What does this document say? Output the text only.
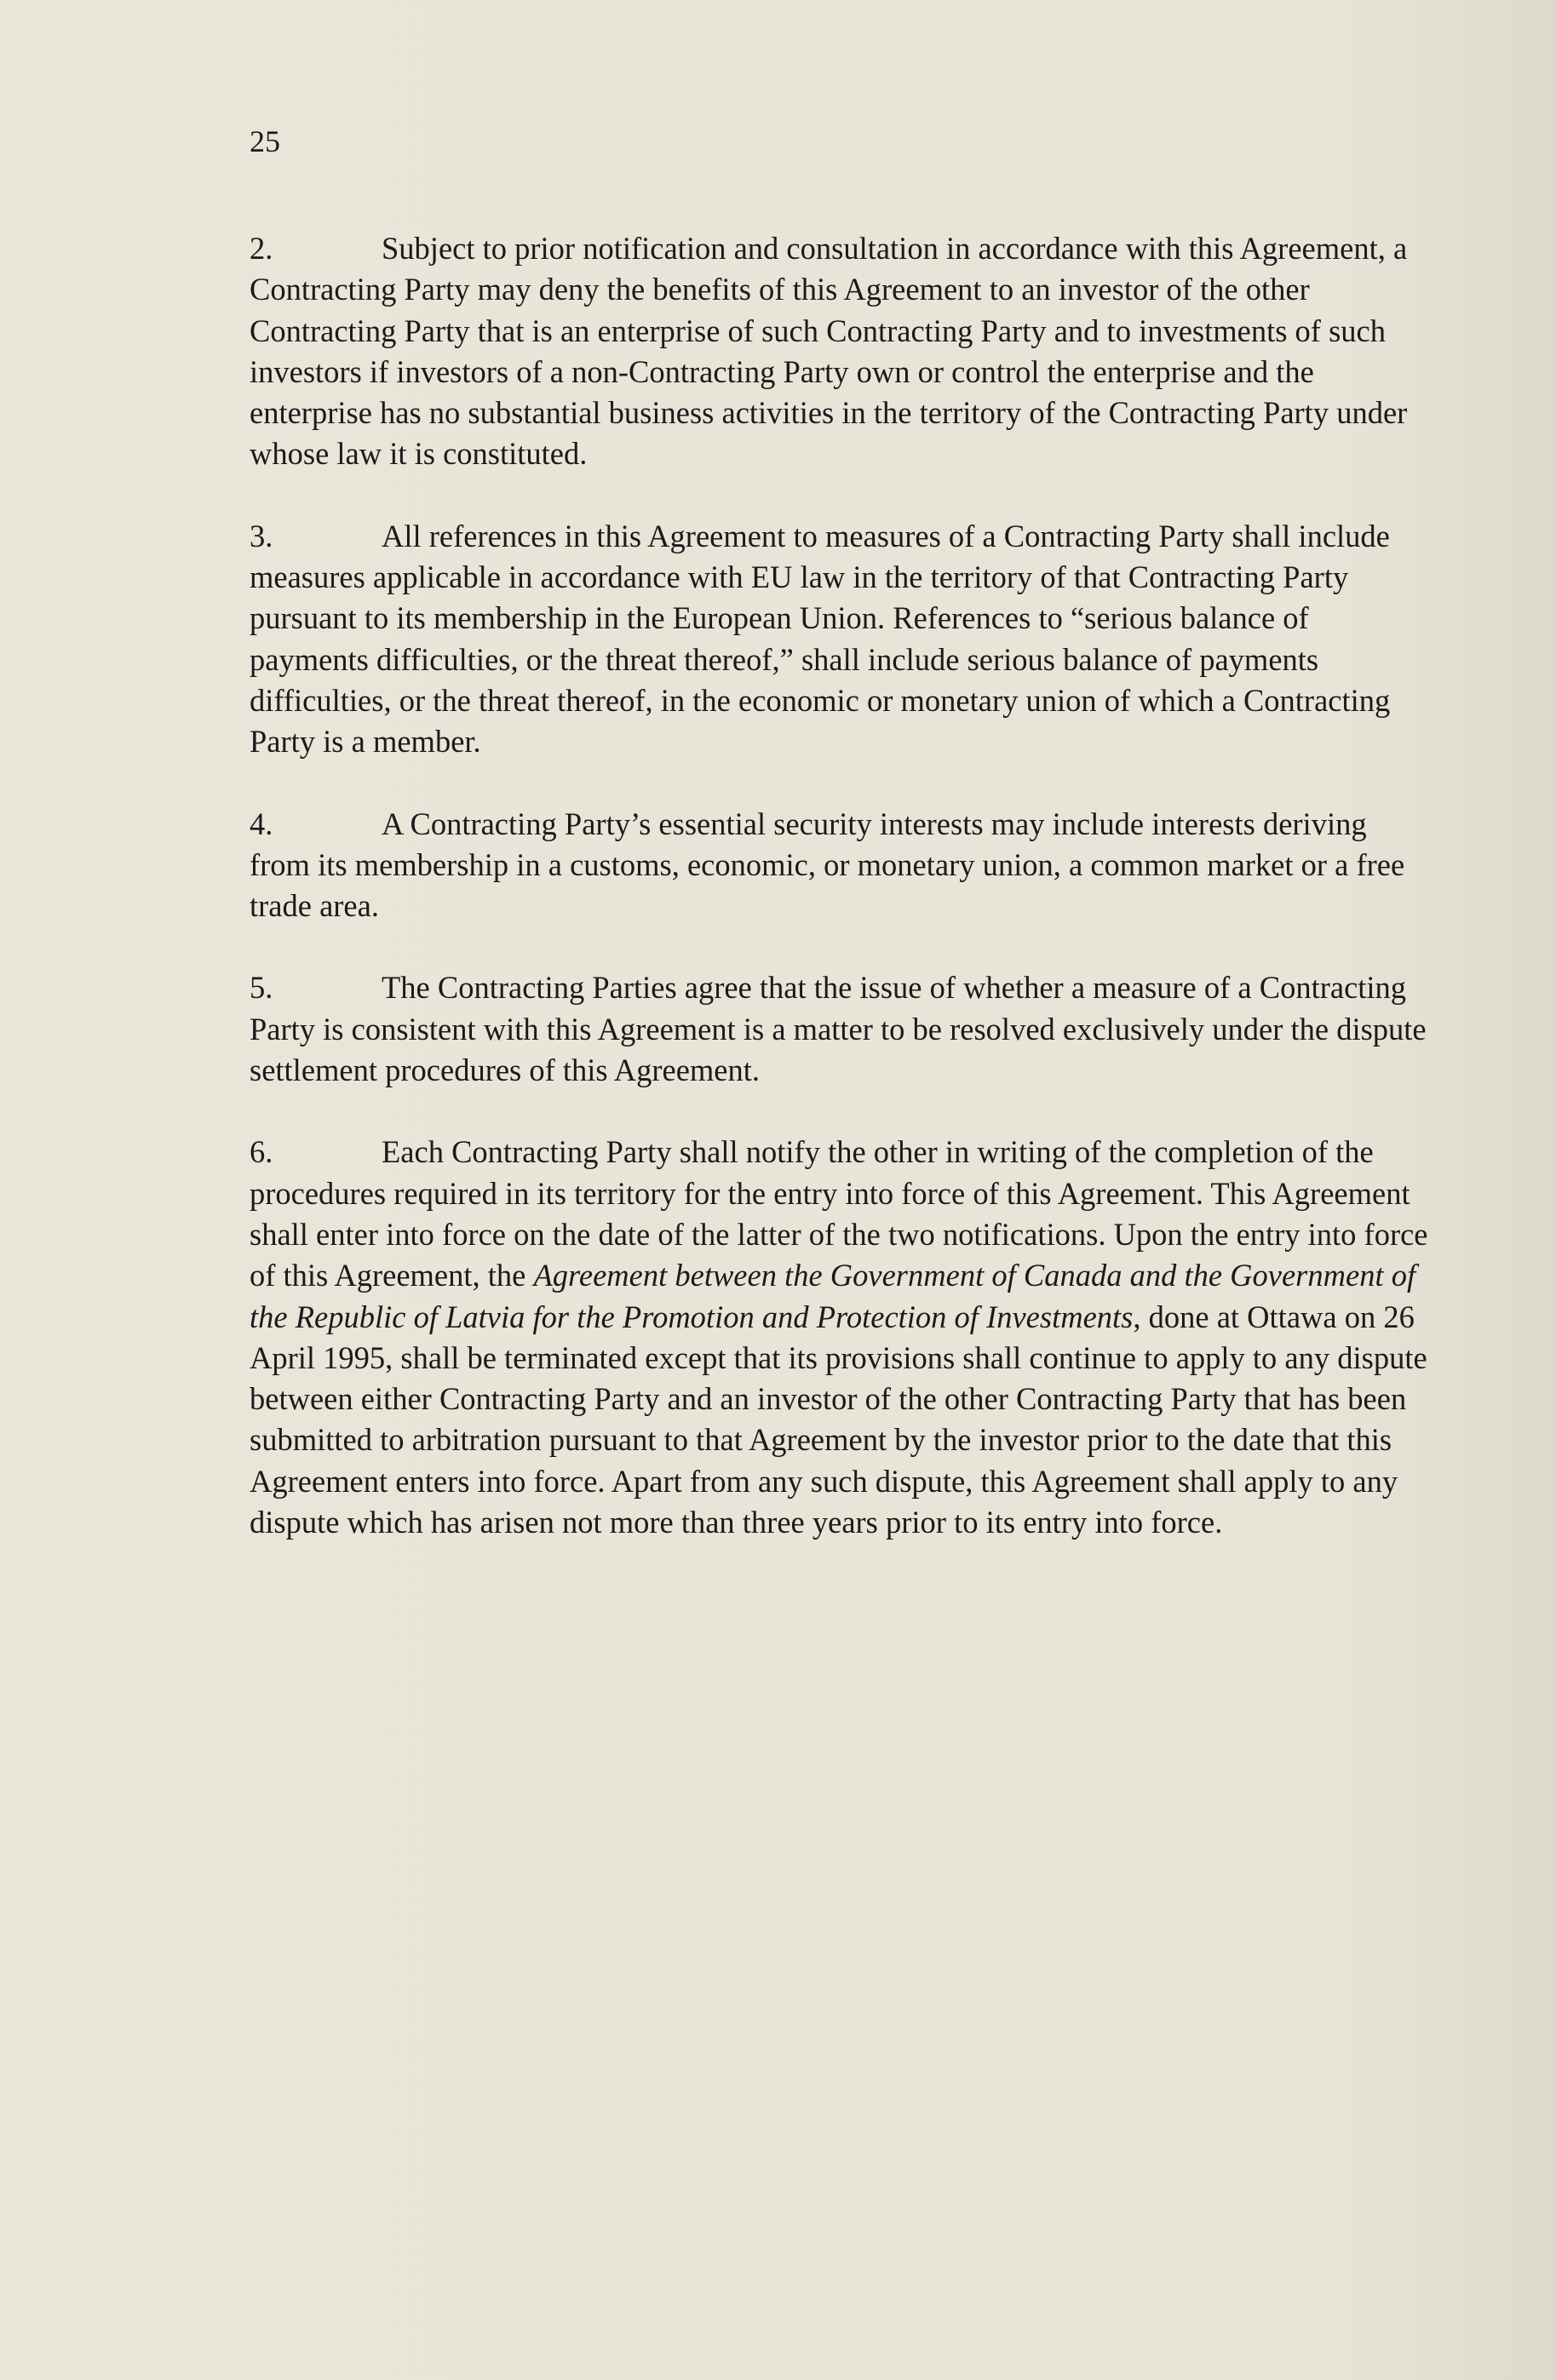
25

2.	Subject to prior notification and consultation in accordance with this Agreement, a Contracting Party may deny the benefits of this Agreement to an investor of the other Contracting Party that is an enterprise of such Contracting Party and to investments of such investors if investors of a non-Contracting Party own or control the enterprise and the enterprise has no substantial business activities in the territory of the Contracting Party under whose law it is constituted.

3.	All references in this Agreement to measures of a Contracting Party shall include measures applicable in accordance with EU law in the territory of that Contracting Party pursuant to its membership in the European Union. References to “serious balance of payments difficulties, or the threat thereof,” shall include serious balance of payments difficulties, or the threat thereof, in the economic or monetary union of which a Contracting Party is a member.

4.	A Contracting Party’s essential security interests may include interests deriving from its membership in a customs, economic, or monetary union, a common market or a free trade area.

5.	The Contracting Parties agree that the issue of whether a measure of a Contracting Party is consistent with this Agreement is a matter to be resolved exclusively under the dispute settlement procedures of this Agreement.

6.	Each Contracting Party shall notify the other in writing of the completion of the procedures required in its territory for the entry into force of this Agreement. This Agreement shall enter into force on the date of the latter of the two notifications. Upon the entry into force of this Agreement, the Agreement between the Government of Canada and the Government of the Republic of Latvia for the Promotion and Protection of Investments, done at Ottawa on 26 April 1995, shall be terminated except that its provisions shall continue to apply to any dispute between either Contracting Party and an investor of the other Contracting Party that has been submitted to arbitration pursuant to that Agreement by the investor prior to the date that this Agreement enters into force. Apart from any such dispute, this Agreement shall apply to any dispute which has arisen not more than three years prior to its entry into force.
